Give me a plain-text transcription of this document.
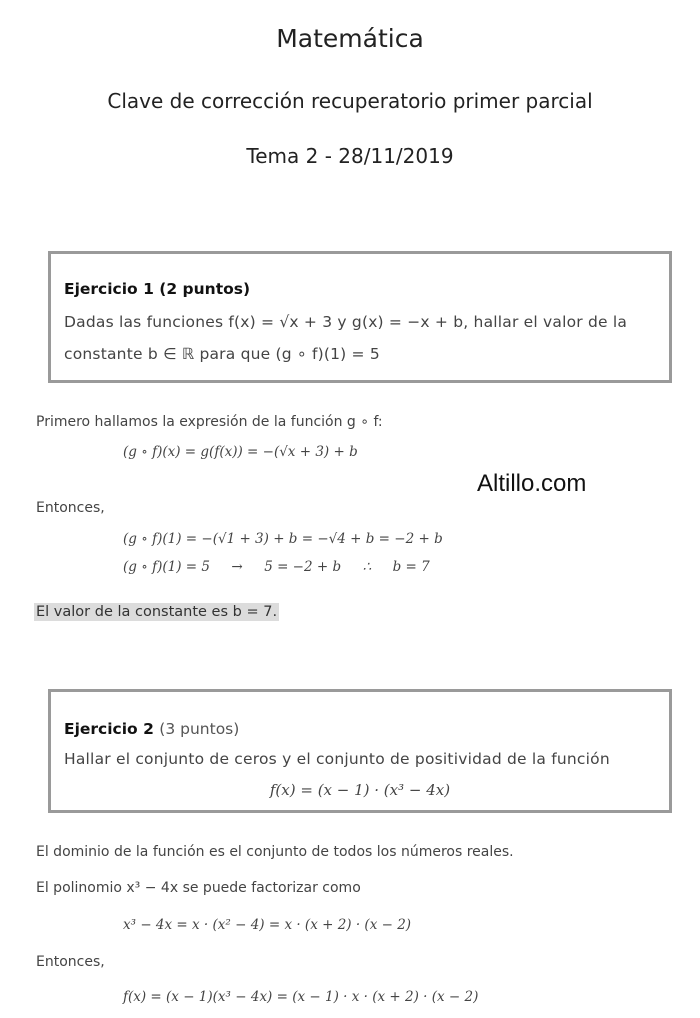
Matemática
Clave de corrección recuperatorio primer parcial
Tema 2 - 28/11/2019
Ejercicio 1 (2 puntos)
Dadas las funciones f(x) = √x + 3 y g(x) = −x + b, hallar el valor de la
constante b ∈ ℝ para que (g ∘ f)(1) = 5
Primero hallamos la expresión de la función g ∘ f:
(g ∘ f)(x) = g(f(x)) = −(√x + 3) + b
Altillo.com
Entonces,
(g ∘ f)(1) = −(√1 + 3) + b = −√4 + b = −2 + b
(g ∘ f)(1) = 5     →     5 = −2 + b     ∴     b = 7
El valor de la constante es b = 7.
Ejercicio 2 (3 puntos)
Hallar el conjunto de ceros y el conjunto de positividad de la función
f(x) = (x − 1) · (x³ − 4x)
El dominio de la función es el conjunto de todos los números reales.
El polinomio x³ − 4x se puede factorizar como
x³ − 4x = x · (x² − 4) = x · (x + 2) · (x − 2)
Entonces,
f(x) = (x − 1)(x³ − 4x) = (x − 1) · x · (x + 2) · (x − 2)
